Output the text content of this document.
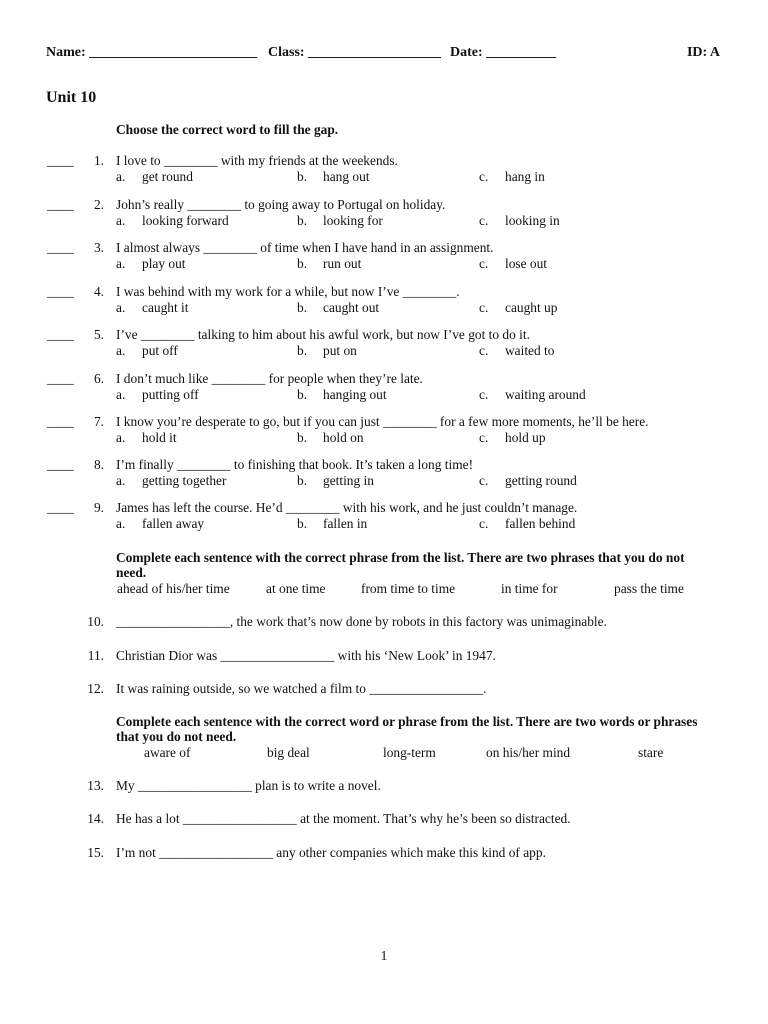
Name: ________________________ Class: ___________________ Date: __________	ID: A
Unit 10
Choose the correct word to fill the gap.
____	1. I love to ________ with my friends at the weekends.
a. get round	b. hang out	c. hang in
____	2. John’s really ________ to going away to Portugal on holiday.
a. looking forward	b. looking for	c. looking in
____	3. I almost always ________ of time when I have hand in an assignment.
a. play out	b. run out	c. lose out
____	4. I was behind with my work for a while, but now I’ve ________.
a. caught it	b. caught out	c. caught up
____	5. I’ve ________ talking to him about his awful work, but now I’ve got to do it.
a. put off	b. put on	c. waited to
____	6. I don’t much like ________ for people when they’re late.
a. putting off	b. hanging out	c. waiting around
____	7. I know you’re desperate to go, but if you can just ________ for a few more moments, he’ll be here.
a. hold it	b. hold on	c. hold up
____	8. I’m finally ________ to finishing that book. It’s taken a long time!
a. getting together	b. getting in	c. getting round
____	9. James has left the course. He’d ________ with his work, and he just couldn’t manage.
a. fallen away	b. fallen in	c. fallen behind
Complete each sentence with the correct phrase from the list. There are two phrases that you do not need.
ahead of his/her time	at one time	from time to time	in time for	pass the time
10. _________________, the work that’s now done by robots in this factory was unimaginable.
11. Christian Dior was _________________ with his ‘New Look’ in 1947.
12. It was raining outside, so we watched a film to _________________.
Complete each sentence with the correct word or phrase from the list. There are two words or phrases that you do not need.
aware of	big deal	long-term	on his/her mind	stare
13. My _________________ plan is to write a novel.
14. He has a lot _________________ at the moment. That’s why he’s been so distracted.
15. I’m not _________________ any other companies which make this kind of app.
1
